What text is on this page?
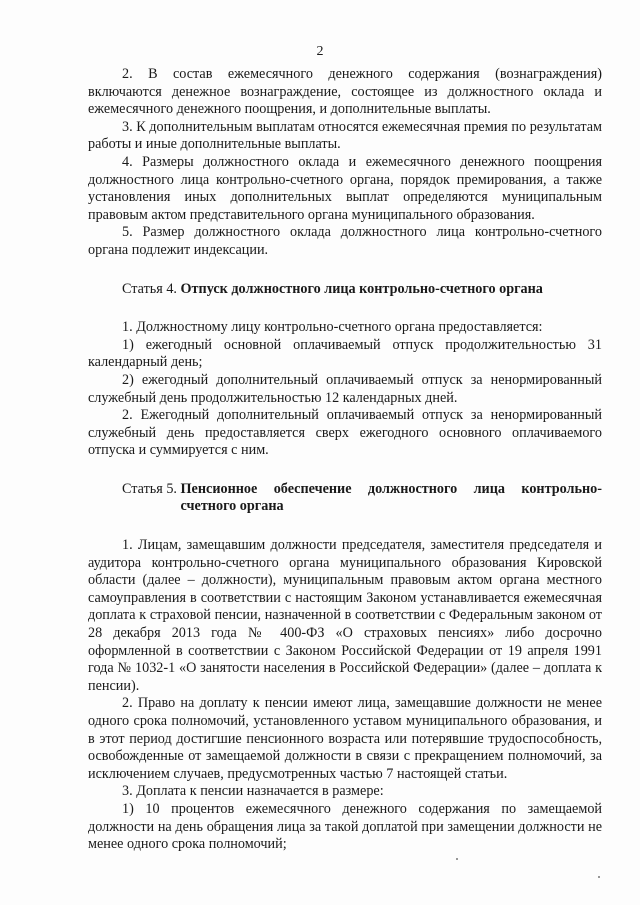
2

2. В состав ежемесячного денежного содержания (вознаграждения) включаются денежное вознаграждение, состоящее из должностного оклада и ежемесячного денежного поощрения, и дополнительные выплаты.

3. К дополнительным выплатам относятся ежемесячная премия по результатам работы и иные дополнительные выплаты.

4. Размеры должностного оклада и ежемесячного денежного поощрения должностного лица контрольно-счетного органа, порядок премирования, а также установления иных дополнительных выплат определяются муниципальным правовым актом представительного органа муниципального образования.

5. Размер должностного оклада должностного лица контрольно-счетного органа подлежит индексации.

Статья 4. Отпуск должностного лица контрольно-счетного органа

1. Должностному лицу контрольно-счетного органа предоставляется:

1) ежегодный основной оплачиваемый отпуск продолжительностью 31 календарный день;

2) ежегодный дополнительный оплачиваемый отпуск за ненормированный служебный день продолжительностью 12 календарных дней.

2. Ежегодный дополнительный оплачиваемый отпуск за ненормированный служебный день предоставляется сверх ежегодного основного оплачиваемого отпуска и суммируется с ним.

Статья 5. Пенсионное обеспечение должностного лица контрольно-счетного органа

1. Лицам, замещавшим должности председателя, заместителя председателя и аудитора контрольно-счетного органа муниципального образования Кировской области (далее – должности), муниципальным правовым актом органа местного самоуправления в соответствии с настоящим Законом устанавливается ежемесячная доплата к страховой пенсии, назначенной в соответствии с Федеральным законом от 28 декабря 2013 года № 400-ФЗ «О страховых пенсиях» либо досрочно оформленной в соответствии с Законом Российской Федерации от 19 апреля 1991 года № 1032-1 «О занятости населения в Российской Федерации» (далее – доплата к пенсии).

2. Право на доплату к пенсии имеют лица, замещавшие должности не менее одного срока полномочий, установленного уставом муниципального образования, и в этот период достигшие пенсионного возраста или потерявшие трудоспособность, освобожденные от замещаемой должности в связи с прекращением полномочий, за исключением случаев, предусмотренных частью 7 настоящей статьи.

3. Доплата к пенсии назначается в размере:

1) 10 процентов ежемесячного денежного содержания по замещаемой должности на день обращения лица за такой доплатой при замещении должности не менее одного срока полномочий;
